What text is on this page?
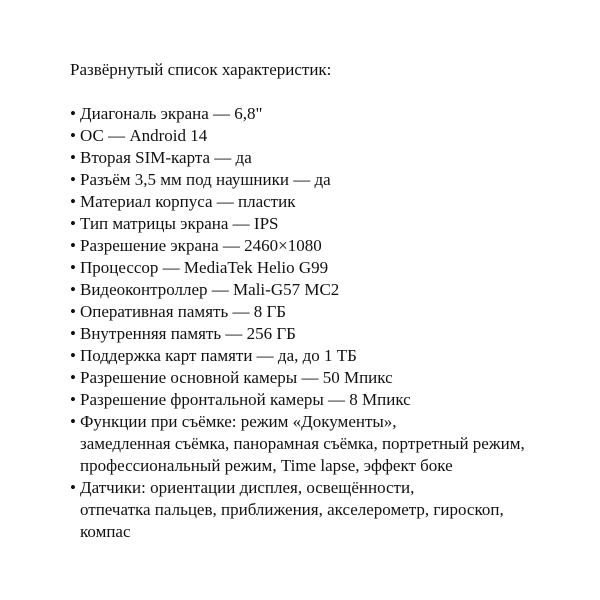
Развёрнутый список характеристик:
• Диагональ экрана — 6,8"
• ОС — Android 14
• Вторая SIM-карта — да
• Разъём 3,5 мм под наушники — да
• Материал корпуса — пластик
• Тип матрицы экрана — IPS
• Разрешение экрана — 2460×1080
• Процессор — MediaTek Helio G99
• Видеоконтроллер — Mali-G57 MC2
• Оперативная память — 8 ГБ
• Внутренняя память — 256 ГБ
• Поддержка карт памяти — да, до 1 ТБ
• Разрешение основной камеры — 50 Мпикс
• Разрешение фронтальной камеры — 8 Мпикс
• Функции при съёмке: режим «Документы»,
замедленная съёмка, панорамная съёмка, портретный режим,
профессиональный режим, Time lapse, эффект боке
• Датчики: ориентации дисплея, освещённости,
отпечатка пальцев, приближения, акселерометр, гироскоп,
компас
